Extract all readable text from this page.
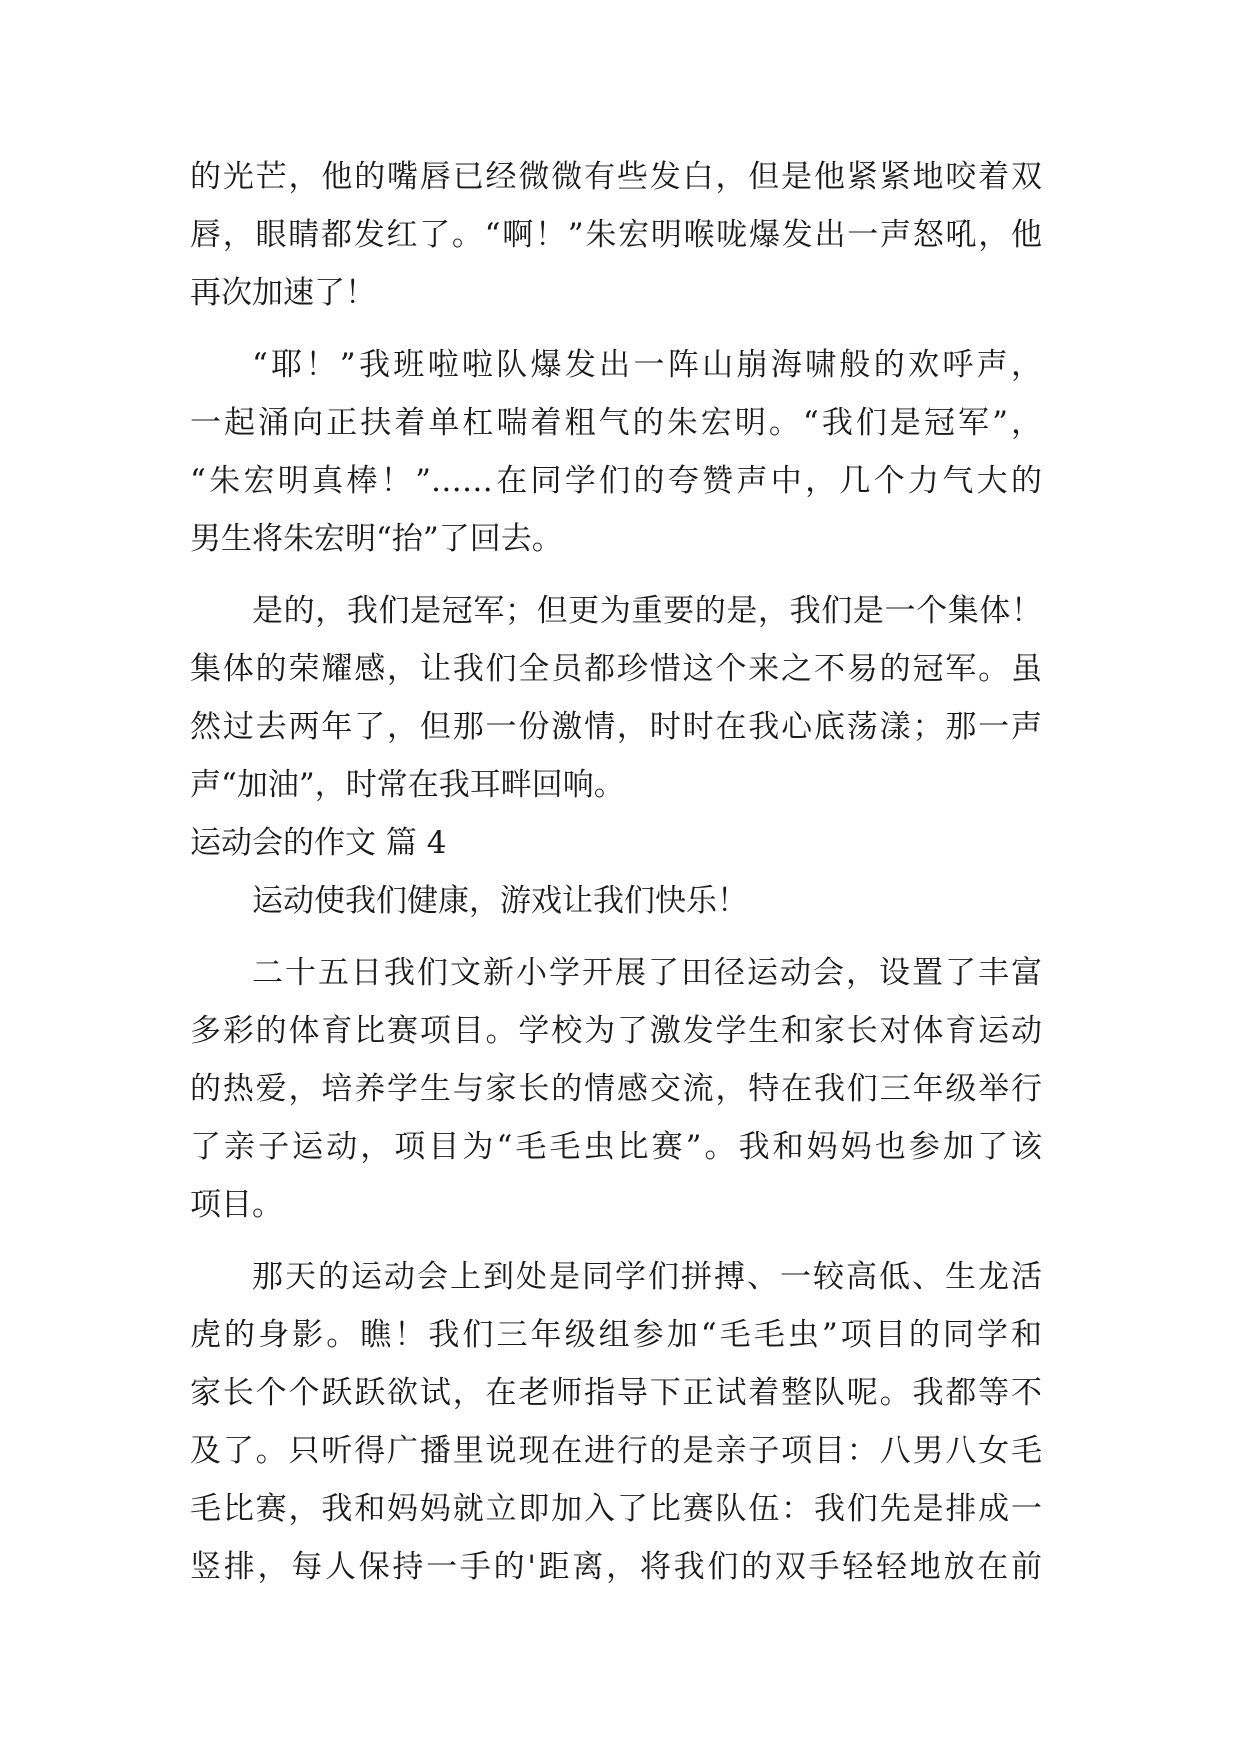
的光芒，他的嘴唇已经微微有些发白，但是他紧紧地咬着双
唇，眼睛都发红了。“啊！”朱宏明喉咙爆发出一声怒吼，他
再次加速了！
“耶！”我班啦啦队爆发出一阵山崩海啸般的欢呼声，
一起涌向正扶着单杠喘着粗气的朱宏明。“我们是冠军”，
“朱宏明真棒！”……在同学们的夸赞声中，几个力气大的
男生将朱宏明“抬”了回去。
是的，我们是冠军；但更为重要的是，我们是一个集体！
集体的荣耀感，让我们全员都珍惜这个来之不易的冠军。虽
然过去两年了，但那一份激情，时时在我心底荡漾；那一声
声“加油”，时常在我耳畔回响。
运动会的作文 篇 4
运动使我们健康，游戏让我们快乐！
二十五日我们文新小学开展了田径运动会，设置了丰富
多彩的体育比赛项目。学校为了激发学生和家长对体育运动
的热爱，培养学生与家长的情感交流，特在我们三年级举行
了亲子运动，项目为“毛毛虫比赛”。我和妈妈也参加了该
项目。
那天的运动会上到处是同学们拼搏、一较高低、生龙活
虎的身影。瞧！我们三年级组参加“毛毛虫”项目的同学和
家长个个跃跃欲试，在老师指导下正试着整队呢。我都等不
及了。只听得广播里说现在进行的是亲子项目：八男八女毛
毛比赛，我和妈妈就立即加入了比赛队伍：我们先是排成一
竖排，每人保持一手的'距离，将我们的双手轻轻地放在前
